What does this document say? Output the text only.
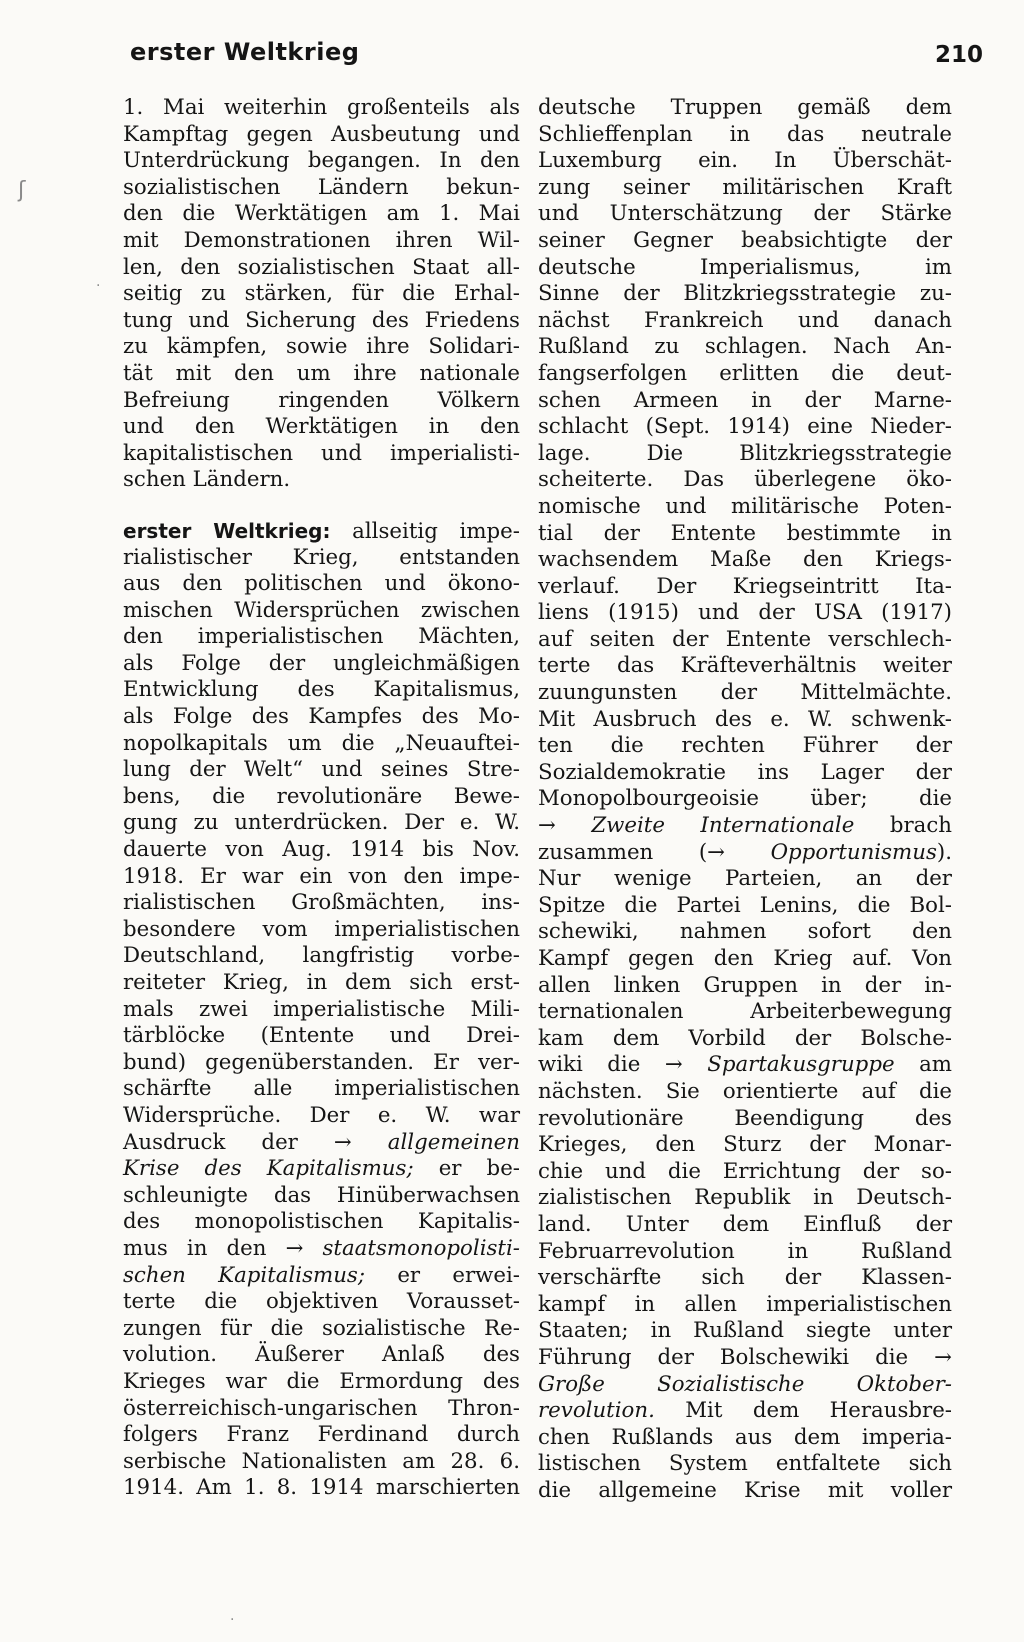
erster Weltkrieg	210
ʃ
·
1. Mai weiterhin großenteils als
Kampftag gegen Ausbeutung und
Unterdrückung begangen. In den
sozialistischen Ländern bekun-
den die Werktätigen am 1. Mai
mit Demonstrationen ihren Wil-
len, den sozialistischen Staat all-
seitig zu stärken, für die Erhal-
tung und Sicherung des Friedens
zu kämpfen, sowie ihre Solidari-
tät mit den um ihre nationale
Befreiung ringenden Völkern
und den Werktätigen in den
kapitalistischen und imperialisti-
schen Ländern.
erster Weltkrieg: allseitig impe-
rialistischer Krieg, entstanden
aus den politischen und ökono-
mischen Widersprüchen zwischen
den imperialistischen Mächten,
als Folge der ungleichmäßigen
Entwicklung des Kapitalismus,
als Folge des Kampfes des Mo-
nopolkapitals um die „Neuauftei-
lung der Welt“ und seines Stre-
bens, die revolutionäre Bewe-
gung zu unterdrücken. Der e. W.
dauerte von Aug. 1914 bis Nov.
1918. Er war ein von den impe-
rialistischen Großmächten, ins-
besondere vom imperialistischen
Deutschland, langfristig vorbe-
reiteter Krieg, in dem sich erst-
mals zwei imperialistische Mili-
tärblöcke (Entente und Drei-
bund) gegenüberstanden. Er ver-
schärfte alle imperialistischen
Widersprüche. Der e. W. war
Ausdruck der → allgemeinen
Krise des Kapitalismus; er be-
schleunigte das Hinüberwachsen
des monopolistischen Kapitalis-
mus in den → staatsmonopolisti-
schen Kapitalismus; er erwei-
terte die objektiven Vorausset-
zungen für die sozialistische Re-
volution. Äußerer Anlaß des
Krieges war die Ermordung des
österreichisch-ungarischen Thron-
folgers Franz Ferdinand durch
serbische Nationalisten am 28. 6.
1914. Am 1. 8. 1914 marschierten
deutsche Truppen gemäß dem
Schlieffenplan in das neutrale
Luxemburg ein. In Überschät-
zung seiner militärischen Kraft
und Unterschätzung der Stärke
seiner Gegner beabsichtigte der
deutsche Imperialismus, im
Sinne der Blitzkriegsstrategie zu-
nächst Frankreich und danach
Rußland zu schlagen. Nach An-
fangserfolgen erlitten die deut-
schen Armeen in der Marne-
schlacht (Sept. 1914) eine Nieder-
lage. Die Blitzkriegsstrategie
scheiterte. Das überlegene öko-
nomische und militärische Poten-
tial der Entente bestimmte in
wachsendem Maße den Kriegs-
verlauf. Der Kriegseintritt Ita-
liens (1915) und der USA (1917)
auf seiten der Entente verschlech-
terte das Kräfteverhältnis weiter
zuungunsten der Mittelmächte.
Mit Ausbruch des e. W. schwenk-
ten die rechten Führer der
Sozialdemokratie ins Lager der
Monopolbourgeoisie über; die
→ Zweite Internationale brach
zusammen (→ Opportunismus).
Nur wenige Parteien, an der
Spitze die Partei Lenins, die Bol-
schewiki, nahmen sofort den
Kampf gegen den Krieg auf. Von
allen linken Gruppen in der in-
ternationalen Arbeiterbewegung
kam dem Vorbild der Bolsche-
wiki die → Spartakusgruppe am
nächsten. Sie orientierte auf die
revolutionäre Beendigung des
Krieges, den Sturz der Monar-
chie und die Errichtung der so-
zialistischen Republik in Deutsch-
land. Unter dem Einfluß der
Februarrevolution in Rußland
verschärfte sich der Klassen-
kampf in allen imperialistischen
Staaten; in Rußland siegte unter
Führung der Bolschewiki die →
Große Sozialistische Oktober-
revolution. Mit dem Herausbre-
chen Rußlands aus dem imperia-
listischen System entfaltete sich
die allgemeine Krise mit voller
·
